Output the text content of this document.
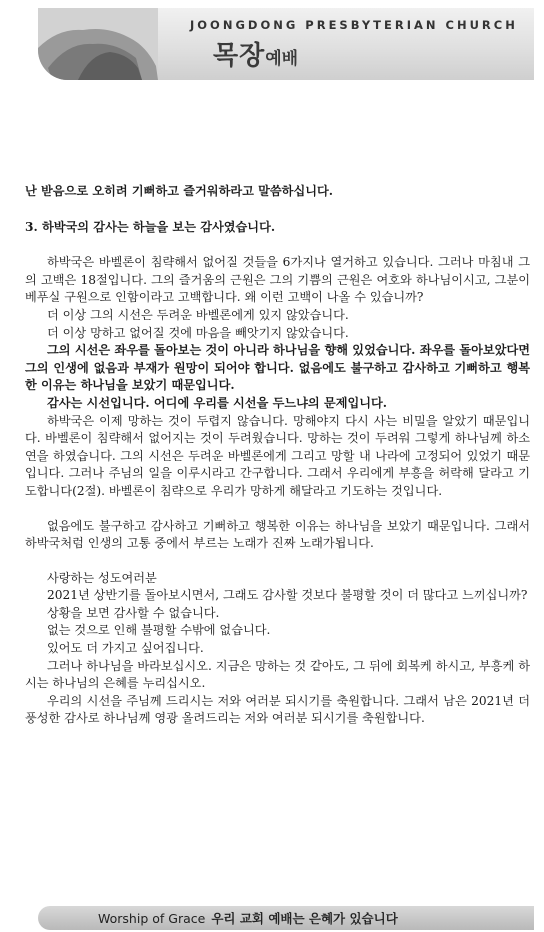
JOONGDONG PRESBYTERIAN CHURCH
목장예배

난 받음으로 오히려 기뻐하고 즐거워하라고 말씀하십니다.

3. 하박국의 감사는 하늘을 보는 감사였습니다.

하박국은 바벨론이 침략해서 없어질 것들을 6가지나 열거하고 있습니다. 그러나 마침내 그의 고백은 18절입니다. 그의 즐거움의 근원은 그의 기쁨의 근원은 여호와 하나님이시고, 그분이 베푸실 구원으로 인함이라고 고백합니다. 왜 이런 고백이 나올 수 있습니까?

더 이상 그의 시선은 두려운 바벨론에게 있지 않았습니다.

더 이상 망하고 없어질 것에 마음을 빼앗기지 않았습니다.

그의 시선은 좌우를 돌아보는 것이 아니라 하나님을 향해 있었습니다. 좌우를 돌아보았다면 그의 인생에 없음과 부재가 원망이 되어야 합니다. 없음에도 불구하고 감사하고 기뻐하고 행복한 이유는 하나님을 보았기 때문입니다.

감사는 시선입니다. 어디에 우리를 시선을 두느냐의 문제입니다.

하박국은 이제 망하는 것이 두렵지 않습니다. 망해야지 다시 사는 비밀을 알았기 때문입니다. 바벨론이 침략해서 없어지는 것이 두려웠습니다. 망하는 것이 두려워 그렇게 하나님께 하소연을 하였습니다. 그의 시선은 두려운 바벨론에게 그리고 망할 내 나라에 고정되어 있었기 때문입니다. 그러나 주님의 일을 이루시라고 간구합니다. 그래서 우리에게 부흥을 허락해 달라고 기도합니다(2절). 바벨론이 침략으로 우리가 망하게 해달라고 기도하는 것입니다.

없음에도 불구하고 감사하고 기뻐하고 행복한 이유는 하나님을 보았기 때문입니다. 그래서 하박국처럼 인생의 고통 중에서 부르는 노래가 진짜 노래가됩니다.

사랑하는 성도여러분

2021년 상반기를 돌아보시면서, 그래도 감사할 것보다 불평할 것이 더 많다고 느끼십니까?

상황을 보면 감사할 수 없습니다.

없는 것으로 인해 불평할 수밖에 없습니다.

있어도 더 가지고 싶어집니다.

그러나 하나님을 바라보십시오. 지금은 망하는 것 같아도, 그 뒤에 회복케 하시고, 부흥케 하시는 하나님의 은혜를 누리십시오.

우리의 시선을 주님께 드리시는 저와 여러분 되시기를 축원합니다. 그래서 남은 2021년 더 풍성한 감사로 하나님께 영광 올려드리는 저와 여러분 되시기를 축원합니다.

Worship of Grace 우리 교회 예배는 은혜가 있습니다
